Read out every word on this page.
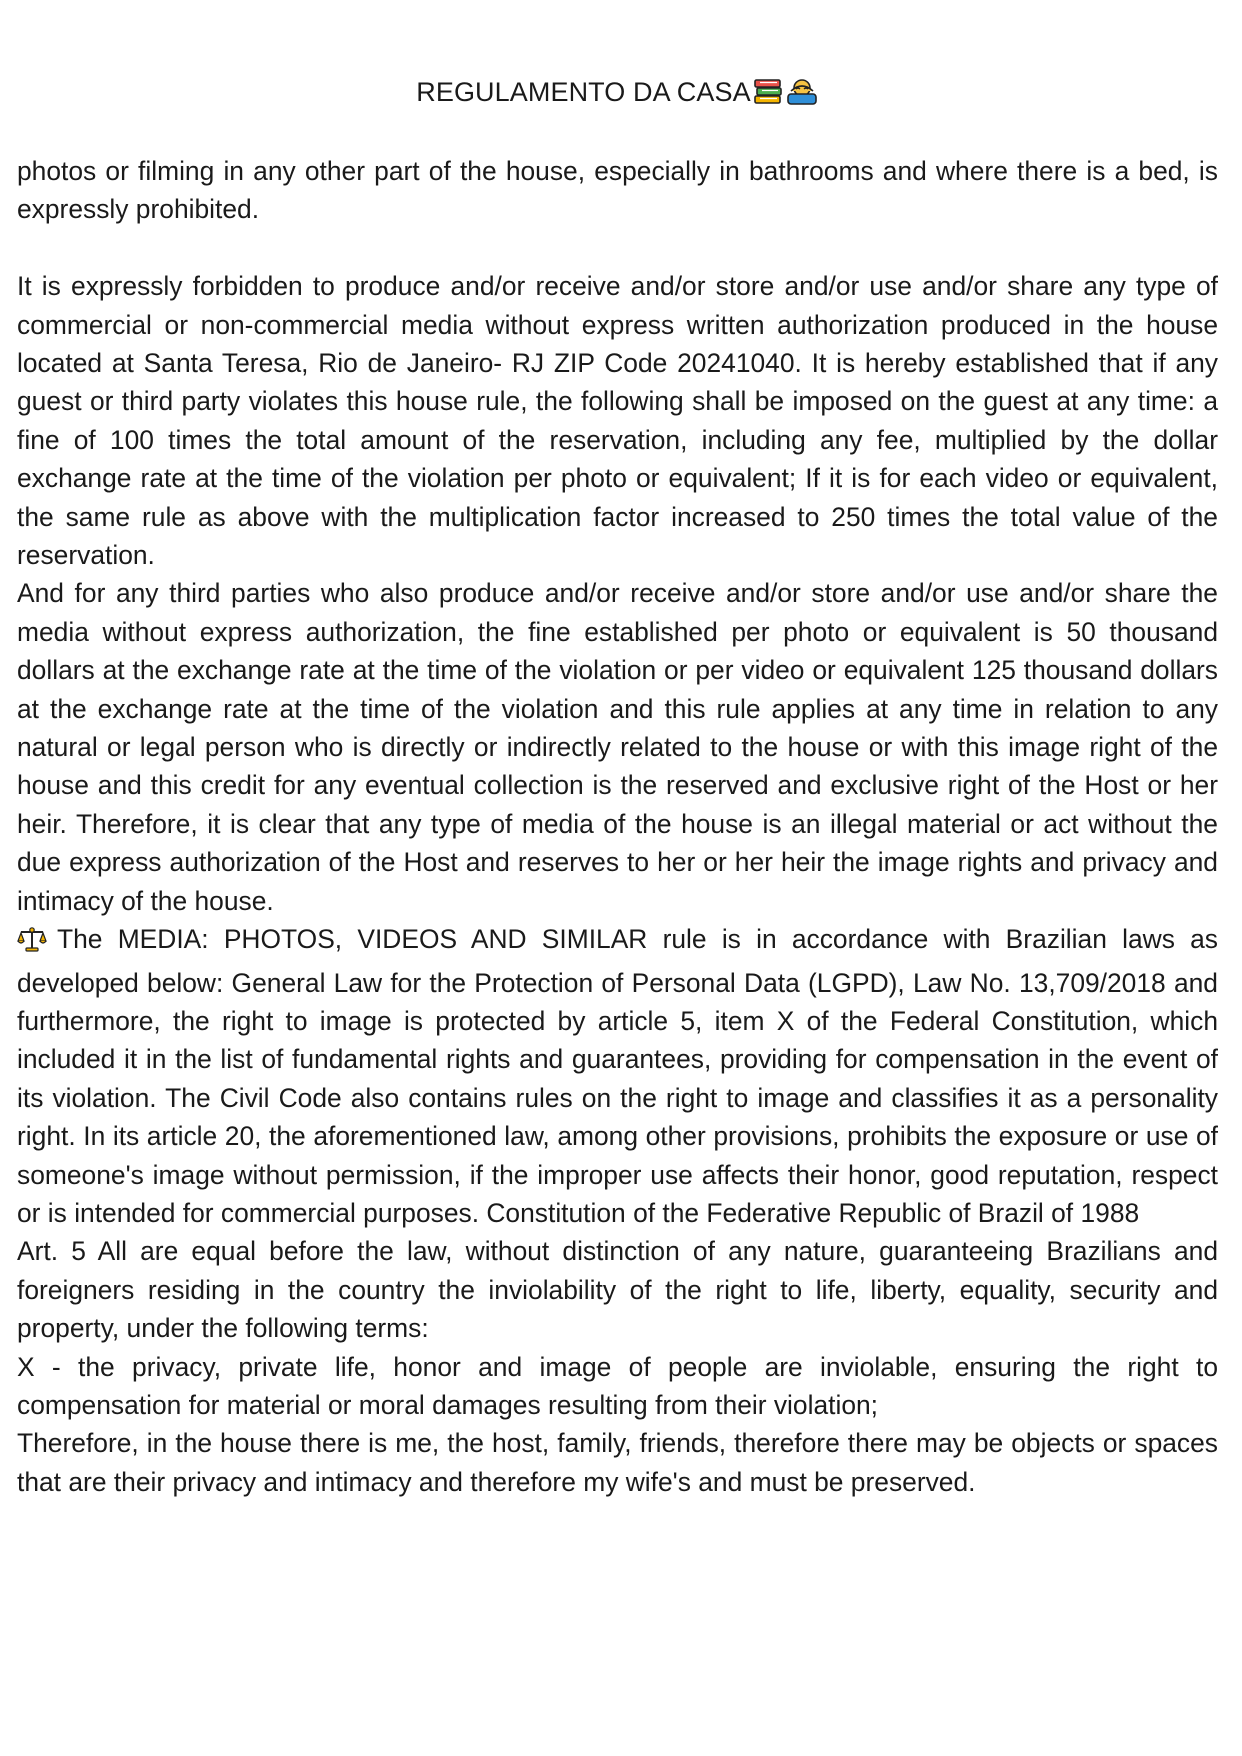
REGULAMENTO DA CASA

photos or filming in any other part of the house, especially in bathrooms and where there is a bed, is expressly prohibited.

It is expressly forbidden to produce and/or receive and/or store and/or use and/or share any type of commercial or non-commercial media without express written authorization produced in the house located at Santa Teresa, Rio de Janeiro- RJ ZIP Code 20241040. It is hereby established that if any guest or third party violates this house rule, the following shall be imposed on the guest at any time: a fine of 100 times the total amount of the reservation, including any fee, multiplied by the dollar exchange rate at the time of the violation per photo or equivalent; If it is for each video or equivalent, the same rule as above with the multiplication factor increased to 250 times the total value of the reservation.

And for any third parties who also produce and/or receive and/or store and/or use and/or share the media without express authorization, the fine established per photo or equivalent is 50 thousand dollars at the exchange rate at the time of the violation or per video or equivalent 125 thousand dollars at the exchange rate at the time of the violation and this rule applies at any time in relation to any natural or legal person who is directly or indirectly related to the house or with this image right of the house and this credit for any eventual collection is the reserved and exclusive right of the Host or her heir. Therefore, it is clear that any type of media of the house is an illegal material or act without the due express authorization of the Host and reserves to her or her heir the image rights and privacy and intimacy of the house.

The MEDIA: PHOTOS, VIDEOS AND SIMILAR rule is in accordance with Brazilian laws as developed below: General Law for the Protection of Personal Data (LGPD), Law No. 13,709/2018 and furthermore, the right to image is protected by article 5, item X of the Federal Constitution, which included it in the list of fundamental rights and guarantees, providing for compensation in the event of its violation. The Civil Code also contains rules on the right to image and classifies it as a personality right. In its article 20, the aforementioned law, among other provisions, prohibits the exposure or use of someone's image without permission, if the improper use affects their honor, good reputation, respect or is intended for commercial purposes. Constitution of the Federative Republic of Brazil of 1988

Art. 5 All are equal before the law, without distinction of any nature, guaranteeing Brazilians and foreigners residing in the country the inviolability of the right to life, liberty, equality, security and property, under the following terms:

X - the privacy, private life, honor and image of people are inviolable, ensuring the right to compensation for material or moral damages resulting from their violation;

Therefore, in the house there is me, the host, family, friends, therefore there may be objects or spaces that are their privacy and intimacy and therefore my wife's and must be preserved.
